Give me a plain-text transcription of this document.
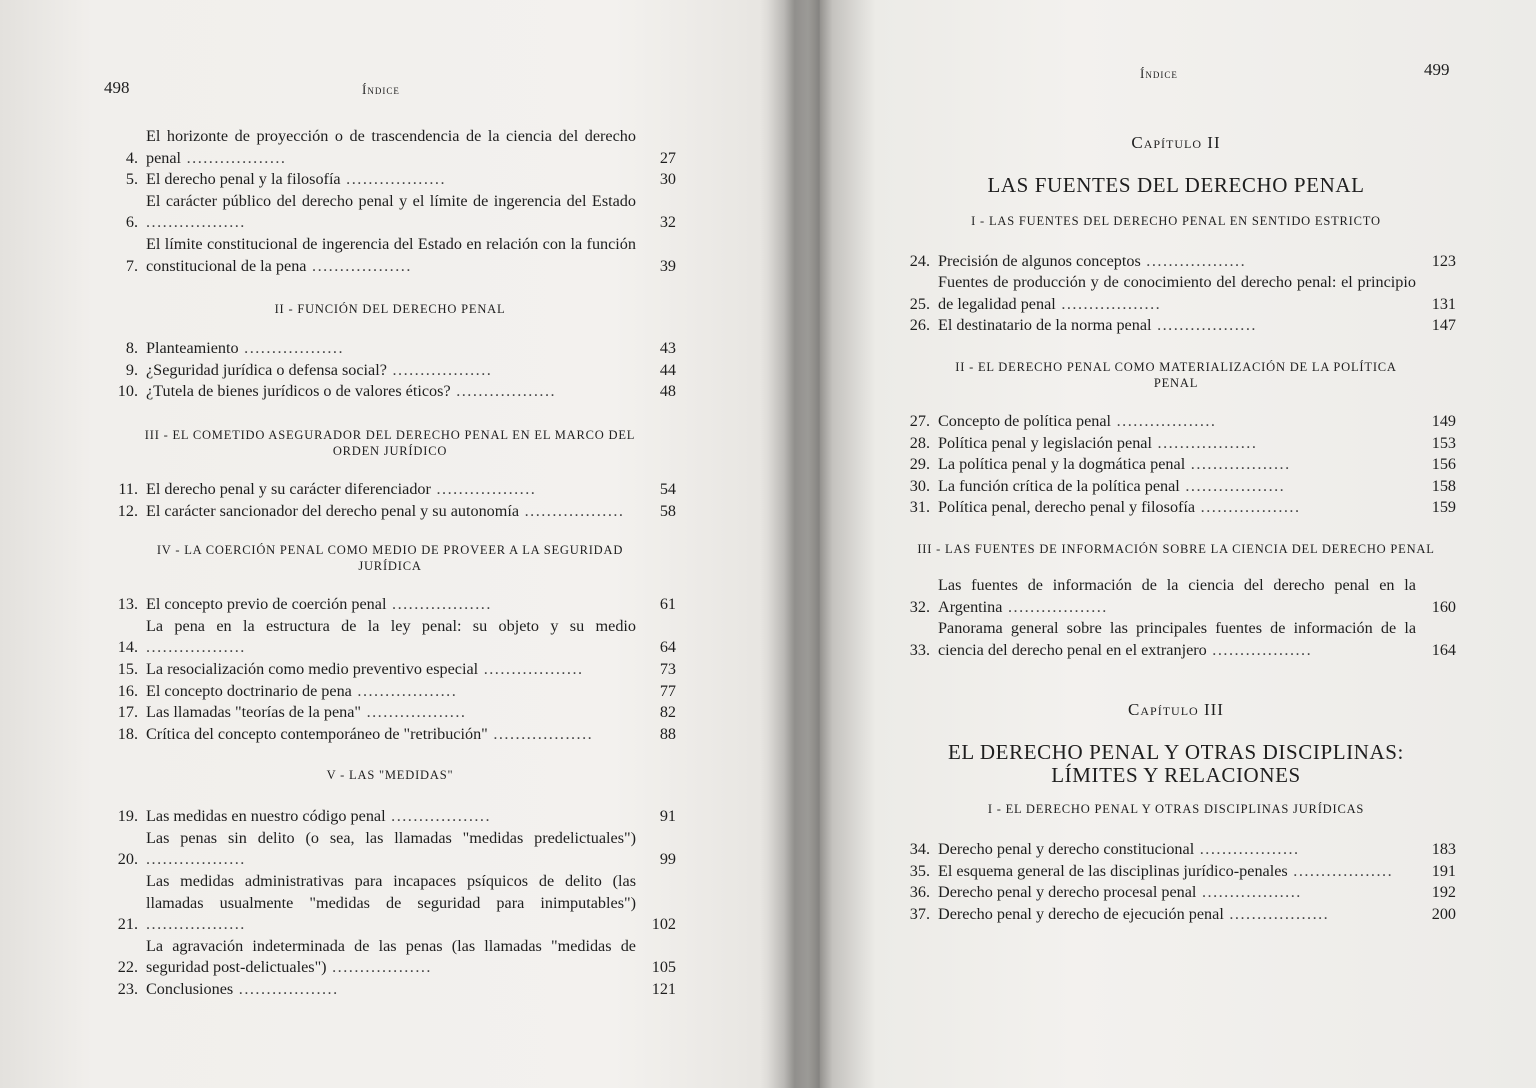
498	Índice
4.
El horizonte de proyección o de trascendencia de la ciencia del derecho penal ..................	27
5. El derecho penal y la filosofía ..................	30
6.
El carácter público del derecho penal y el límite de ingerencia del Estado ..................	32
7.
El límite constitucional de ingerencia del Estado en relación con la función constitucional de la pena ..................	39
II - FUNCIÓN DEL DERECHO PENAL
8. Planteamiento ..................	43
9. ¿Seguridad jurídica o defensa social? ..................	44
10. ¿Tutela de bienes jurídicos o de valores éticos? ..................	48
III - EL COMETIDO ASEGURADOR DEL DERECHO PENAL EN EL MARCO DEL ORDEN JURÍDICO
11. El derecho penal y su carácter diferenciador ..................	54
12. El carácter sancionador del derecho penal y su autonomía ..................	58
IV - LA COERCIÓN PENAL COMO MEDIO DE PROVEER A LA SEGURIDAD JURÍDICA
13. El concepto previo de coerción penal ..................	61
14.
La pena en la estructura de la ley penal: su objeto y su medio ..................	64
15. La resocialización como medio preventivo especial ..................	73
16. El concepto doctrinario de pena ..................	77
17. Las llamadas "teorías de la pena" ..................	82
18. Crítica del concepto contemporáneo de "retribución" ..................	88
V - LAS "MEDIDAS"
19. Las medidas en nuestro código penal ..................	91
20.
Las penas sin delito (o sea, las llamadas "medidas predelictuales") ..................	99
21.
Las medidas administrativas para incapaces psíquicos de delito (las llamadas usualmente "medidas de seguridad para inimputables") ..................	102
22.
La agravación indeterminada de las penas (las llamadas "medidas de seguridad post-delictuales") ..................	105
23. Conclusiones ..................	121
Índice	499
Capítulo II
LAS FUENTES DEL DERECHO PENAL
I - LAS FUENTES DEL DERECHO PENAL EN SENTIDO ESTRICTO
24. Precisión de algunos conceptos ..................	123
25.
Fuentes de producción y de conocimiento del derecho penal: el principio de legalidad penal ..................	131
26. El destinatario de la norma penal ..................	147
II - EL DERECHO PENAL COMO MATERIALIZACIÓN DE LA POLÍTICA PENAL
27. Concepto de política penal ..................	149
28. Política penal y legislación penal ..................	153
29. La política penal y la dogmática penal ..................	156
30. La función crítica de la política penal ..................	158
31. Política penal, derecho penal y filosofía ..................	159
III - LAS FUENTES DE INFORMACIÓN SOBRE LA CIENCIA DEL DERECHO PENAL
32.
Las fuentes de información de la ciencia del derecho penal en la Argentina ..................	160
33.
Panorama general sobre las principales fuentes de información de la ciencia del derecho penal en el extranjero ..................	164
Capítulo III
EL DERECHO PENAL Y OTRAS DISCIPLINAS:
LÍMITES Y RELACIONES
I - EL DERECHO PENAL Y OTRAS DISCIPLINAS JURÍDICAS
34. Derecho penal y derecho constitucional ..................	183
35. El esquema general de las disciplinas jurídico-penales ..................	191
36. Derecho penal y derecho procesal penal ..................	192
37. Derecho penal y derecho de ejecución penal ..................	200
